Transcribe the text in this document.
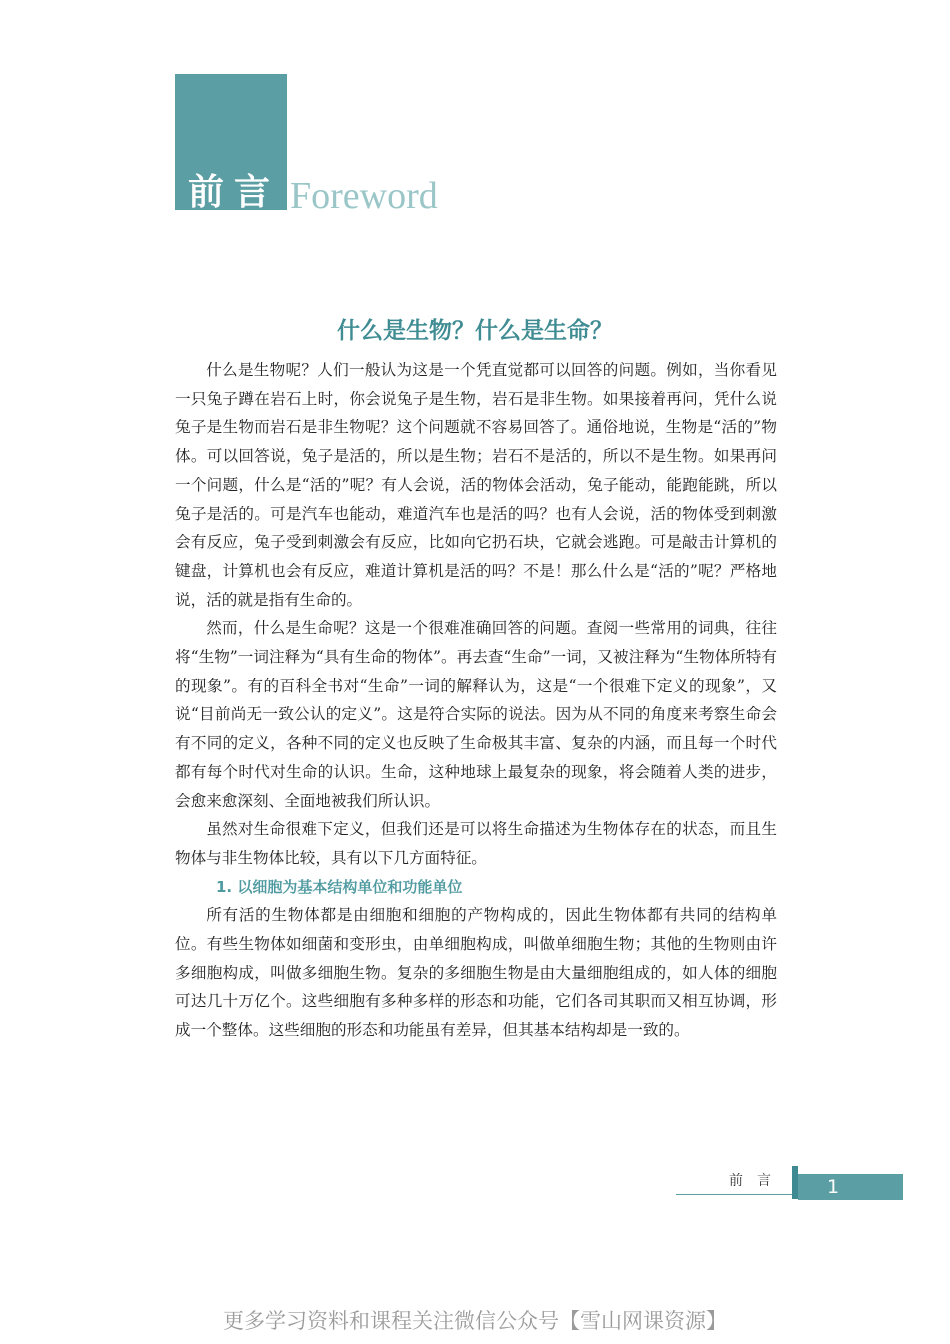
前言 Foreword
什么是生物？什么是生命？

什么是生物呢？人们一般认为这是一个凭直觉都可以回答的问题。例如，当你看见一只兔子蹲在岩石上时，你会说兔子是生物，岩石是非生物。如果接着再问，凭什么说兔子是生物而岩石是非生物呢？这个问题就不容易回答了。通俗地说，生物是“活的”物体。可以回答说，兔子是活的，所以是生物；岩石不是活的，所以不是生物。如果再问一个问题，什么是“活的”呢？有人会说，活的物体会活动，兔子能动，能跑能跳，所以兔子是活的。可是汽车也能动，难道汽车也是活的吗？也有人会说，活的物体受到刺激会有反应，兔子受到刺激会有反应，比如向它扔石块，它就会逃跑。可是敲击计算机的键盘，计算机也会有反应，难道计算机是活的吗？不是！那么什么是“活的”呢？严格地说，活的就是指有生命的。

然而，什么是生命呢？这是一个很难准确回答的问题。查阅一些常用的词典，往往将“生物”一词注释为“具有生命的物体”。再去查“生命”一词，又被注释为“生物体所特有的现象”。有的百科全书对“生命”一词的解释认为，这是“一个很难下定义的现象”，又说“目前尚无一致公认的定义”。这是符合实际的说法。因为从不同的角度来考察生命会有不同的定义，各种不同的定义也反映了生命极其丰富、复杂的内涵，而且每一个时代都有每个时代对生命的认识。生命，这种地球上最复杂的现象，将会随着人类的进步，会愈来愈深刻、全面地被我们所认识。

虽然对生命很难下定义，但我们还是可以将生命描述为生物体存在的状态，而且生物体与非生物体比较，具有以下几方面特征。

1. 以细胞为基本结构单位和功能单位

所有活的生物体都是由细胞和细胞的产物构成的，因此生物体都有共同的结构单位。有些生物体如细菌和变形虫，由单细胞构成，叫做单细胞生物；其他的生物则由许多细胞构成，叫做多细胞生物。复杂的多细胞生物是由大量细胞组成的，如人体的细胞可达几十万亿个。这些细胞有多种多样的形态和功能，它们各司其职而又相互协调，形成一个整体。这些细胞的形态和功能虽有差异，但其基本结构却是一致的。

前言	1
更多学习资料和课程关注微信公众号【雪山网课资源】
